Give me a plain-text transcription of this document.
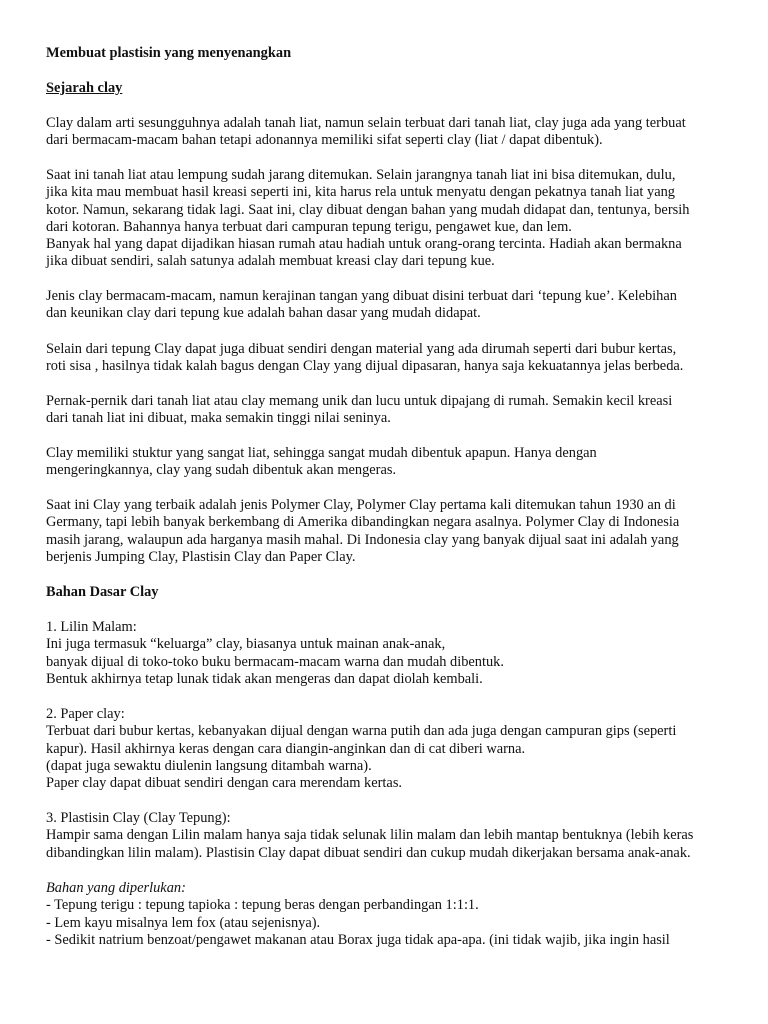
Membuat plastisin yang menyenangkan
Sejarah clay
Clay dalam arti sesungguhnya adalah tanah liat, namun selain terbuat dari tanah liat, clay juga ada yang terbuat
dari bermacam-macam bahan tetapi adonannya memiliki sifat seperti clay (liat / dapat dibentuk).
Saat ini tanah liat atau lempung sudah jarang ditemukan. Selain jarangnya tanah liat ini bisa ditemukan, dulu,
jika kita mau membuat hasil kreasi seperti ini, kita harus rela untuk menyatu dengan pekatnya tanah liat yang
kotor. Namun, sekarang tidak lagi. Saat ini, clay dibuat dengan bahan yang mudah didapat dan, tentunya, bersih
dari kotoran. Bahannya hanya terbuat dari campuran tepung terigu, pengawet kue, dan lem.
Banyak hal yang dapat dijadikan hiasan rumah atau hadiah untuk orang-orang tercinta. Hadiah akan bermakna
jika dibuat sendiri, salah satunya adalah membuat kreasi clay dari tepung kue.
Jenis clay bermacam-macam, namun kerajinan tangan yang dibuat disini terbuat dari ‘tepung kue’. Kelebihan
dan keunikan clay dari tepung kue adalah bahan dasar yang mudah didapat.
Selain dari tepung Clay dapat juga dibuat sendiri dengan material yang ada dirumah seperti dari bubur kertas,
roti sisa , hasilnya tidak kalah bagus dengan Clay yang dijual dipasaran, hanya saja kekuatannya jelas berbeda.
Pernak-pernik dari tanah liat atau clay memang unik dan lucu untuk dipajang di rumah. Semakin kecil kreasi
dari tanah liat ini dibuat, maka semakin tinggi nilai seninya.
Clay memiliki stuktur yang sangat liat, sehingga sangat mudah dibentuk apapun. Hanya dengan
mengeringkannya, clay yang sudah dibentuk akan mengeras.
Saat ini Clay yang terbaik adalah jenis Polymer Clay, Polymer Clay pertama kali ditemukan tahun 1930 an di
Germany, tapi lebih banyak berkembang di Amerika dibandingkan negara asalnya. Polymer Clay di Indonesia
masih jarang, walaupun ada harganya masih mahal. Di Indonesia clay yang banyak dijual saat ini adalah yang
berjenis Jumping Clay, Plastisin Clay dan Paper Clay.
Bahan Dasar Clay
1. Lilin Malam:
Ini juga termasuk “keluarga” clay, biasanya untuk mainan anak-anak,
banyak dijual di toko-toko buku bermacam-macam warna dan mudah dibentuk.
Bentuk akhirnya tetap lunak tidak akan mengeras dan dapat diolah kembali.
2. Paper clay:
Terbuat dari bubur kertas, kebanyakan dijual dengan warna putih dan ada juga dengan campuran gips (seperti
kapur). Hasil akhirnya keras dengan cara diangin-anginkan dan di cat diberi warna.
(dapat juga sewaktu diulenin langsung ditambah warna).
Paper clay dapat dibuat sendiri dengan cara merendam kertas.
3. Plastisin Clay (Clay Tepung):
Hampir sama dengan Lilin malam hanya saja tidak selunak lilin malam dan lebih mantap bentuknya (lebih keras
dibandingkan lilin malam). Plastisin Clay dapat dibuat sendiri dan cukup mudah dikerjakan bersama anak-anak.
Bahan yang diperlukan:
- Tepung terigu : tepung tapioka : tepung beras dengan perbandingan 1:1:1.
- Lem kayu misalnya lem fox (atau sejenisnya).
- Sedikit natrium benzoat/pengawet makanan atau Borax juga tidak apa-apa. (ini tidak wajib, jika ingin hasil
